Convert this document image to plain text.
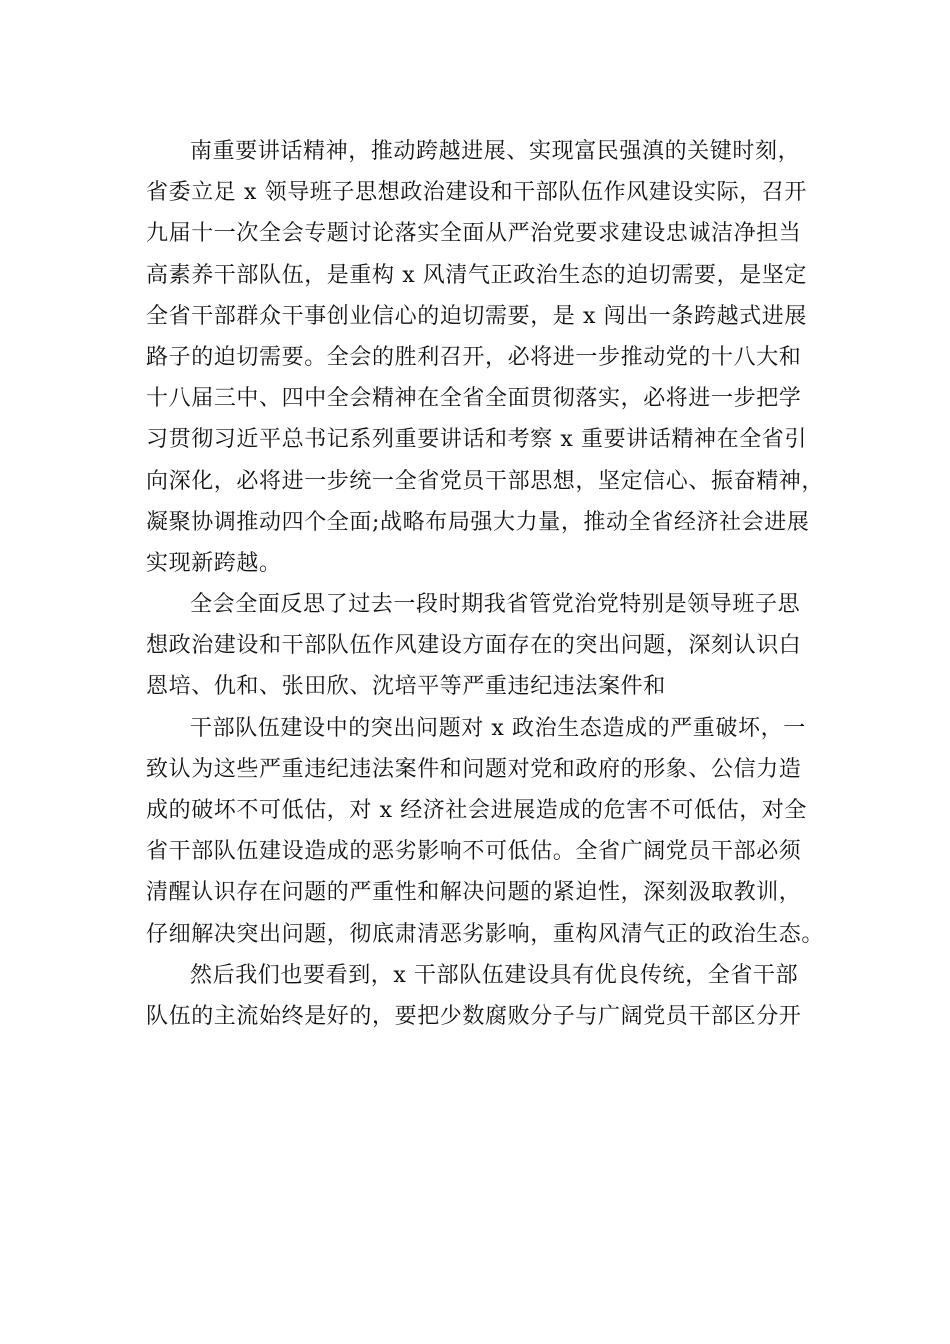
南重要讲话精神，推动跨越进展、实现富民强滇的关键时刻，
省委立足 x 领导班子思想政治建设和干部队伍作风建设实际，召开
九届十一次全会专题讨论落实全面从严治党要求建设忠诚洁净担当
高素养干部队伍，是重构 x 风清气正政治生态的迫切需要，是坚定
全省干部群众干事创业信心的迫切需要，是 x 闯出一条跨越式进展
路子的迫切需要。全会的胜利召开，必将进一步推动党的十八大和
十八届三中、四中全会精神在全省全面贯彻落实，必将进一步把学
习贯彻习近平总书记系列重要讲话和考察 x 重要讲话精神在全省引
向深化，必将进一步统一全省党员干部思想，坚定信心、振奋精神，
凝聚协调推动四个全面;战略布局强大力量，推动全省经济社会进展
实现新跨越。
全会全面反思了过去一段时期我省管党治党特别是领导班子思
想政治建设和干部队伍作风建设方面存在的突出问题，深刻认识白
恩培、仇和、张田欣、沈培平等严重违纪违法案件和
干部队伍建设中的突出问题对 x 政治生态造成的严重破坏，一
致认为这些严重违纪违法案件和问题对党和政府的形象、公信力造
成的破坏不可低估，对 x 经济社会进展造成的危害不可低估，对全
省干部队伍建设造成的恶劣影响不可低估。全省广阔党员干部必须
清醒认识存在问题的严重性和解决问题的紧迫性，深刻汲取教训，
仔细解决突出问题，彻底肃清恶劣影响，重构风清气正的政治生态。
然后我们也要看到，x 干部队伍建设具有优良传统，全省干部
队伍的主流始终是好的，要把少数腐败分子与广阔党员干部区分开
